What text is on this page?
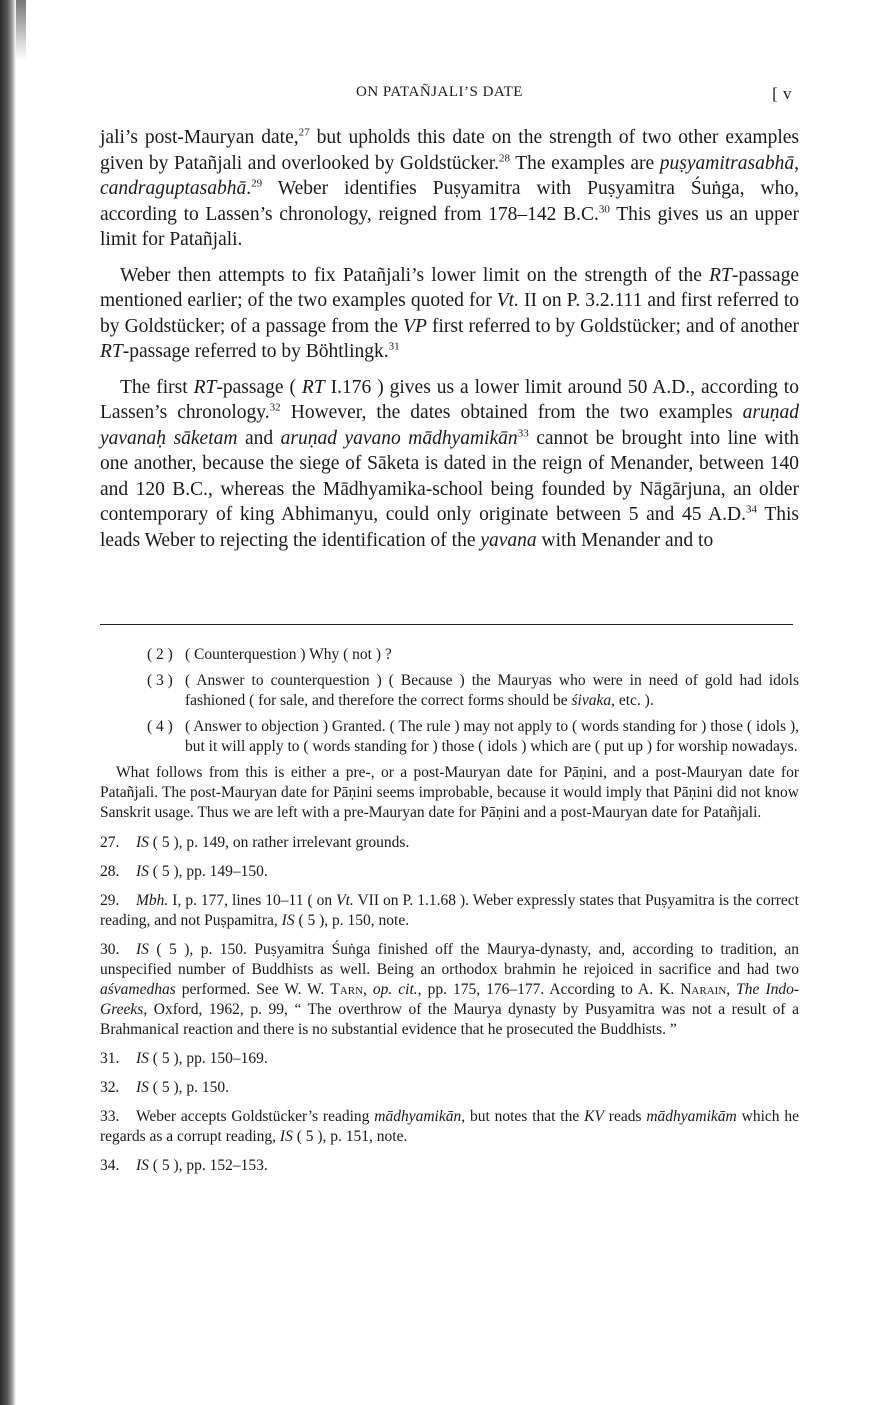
ON PATAÑJALI’S DATE	[ v

jali’s post-Mauryan date,$^{27}$ but upholds this date on the strength of two other examples given by Patañjali and overlooked by Goldstücker.$^{28}$ The examples are puṣyamitrasabhā, candraguptasabhā.$^{29}$ Weber identifies Puṣyamitra with Puṣyamitra Śuṅga, who, according to Lassen’s chronology, reigned from 178–142 B.C.$^{30}$ This gives us an upper limit for Patañjali.

Weber then attempts to fix Patañjali’s lower limit on the strength of the RT-passage mentioned earlier; of the two examples quoted for Vt. II on P. 3.2.111 and first referred to by Goldstücker; of a passage from the VP first referred to by Goldstücker; and of another RT-passage referred to by Böhtlingk.$^{31}$

The first RT-passage ( RT I.176 ) gives us a lower limit around 50 A.D., according to Lassen’s chronology.$^{32}$ However, the dates obtained from the two examples aruṇad yavanaḥ sāketam and aruṇad yavano mādhyamikān$^{33}$ cannot be brought into line with one another, because the siege of Sāketa is dated in the reign of Menander, between 140 and 120 B.C., whereas the Mādhyamika-school being founded by Nāgārjuna, an older contemporary of king Abhimanyu, could only originate between 5 and 45 A.D.$^{34}$ This leads Weber to rejecting the identification of the yavana with Menander and to

( 2 ) ( Counterquestion ) Why ( not ) ?
( 3 ) ( Answer to counterquestion ) ( Because ) the Mauryas who were in need of gold had idols fashioned ( for sale, and therefore the correct forms should be śivaka, etc. ).
( 4 ) ( Answer to objection ) Granted. ( The rule ) may not apply to ( words standing for ) those ( idols ), but it will apply to ( words standing for ) those ( idols ) which are ( put up ) for worship nowadays.

What follows from this is either a pre-, or a post-Mauryan date for Pāṇini, and a post-Mauryan date for Patañjali. The post-Mauryan date for Pāṇini seems improbable, because it would imply that Pāṇini did not know Sanskrit usage. Thus we are left with a pre-Mauryan date for Pāṇini and a post-Mauryan date for Patañjali.

27.	IS ( 5 ), p. 149, on rather irrelevant grounds.
28.	IS ( 5 ), pp. 149–150.

29. Mbh. I, p. 177, lines 10–11 ( on Vt. VII on P. 1.1.68 ). Weber expressly states that Puṣyamitra is the correct reading, and not Puṣpamitra, IS ( 5 ), p. 150, note.

30. IS ( 5 ), p. 150. Puṣyamitra Śuṅga finished off the Maurya-dynasty, and, according to tradition, an unspecified number of Buddhists as well. Being an orthodox brahmin he rejoiced in sacrifice and had two aśvamedhas performed. See W. W. Tarn, op. cit., pp. 175, 176–177. According to A. K. Narain, The Indo-Greeks, Oxford, 1962, p. 99, “ The overthrow of the Maurya dynasty by Pusyamitra was not a result of a Brahmanical reaction and there is no substantial evidence that he prosecuted the Buddhists. ”

31.	IS ( 5 ), pp. 150–169.
32.	IS ( 5 ), p. 150.

33. Weber accepts Goldstücker’s reading mādhyamikān, but notes that the KV reads mādhyamikām which he regards as a corrupt reading, IS ( 5 ), p. 151, note.

34.	IS ( 5 ), pp. 152–153.
